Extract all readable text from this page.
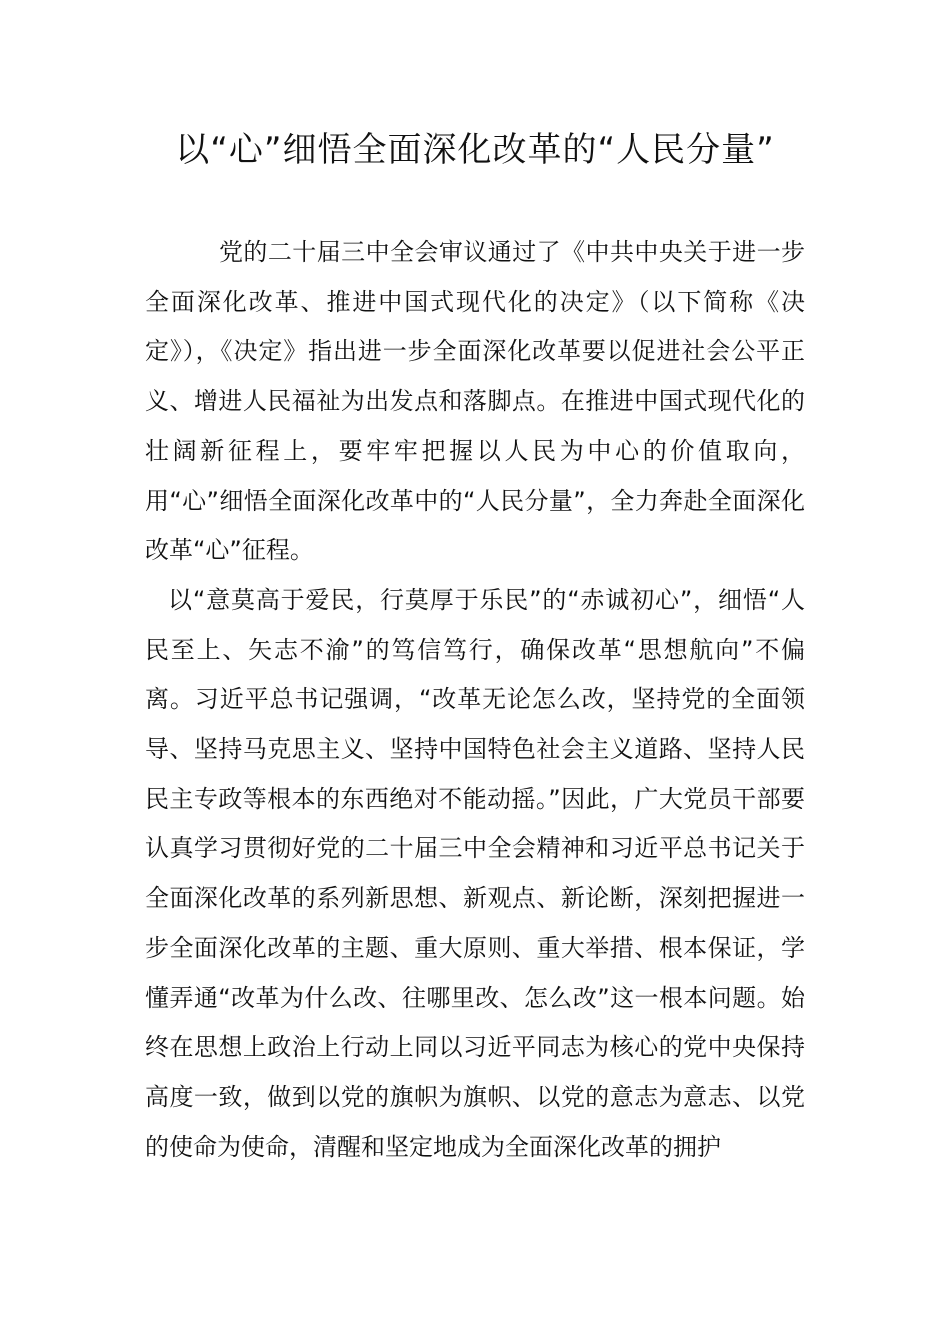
以“心”细悟全面深化改革的“人民分量”

党的二十届三中全会审议通过了《中共中央关于进一步全面深化改革、推进中国式现代化的决定》（以下简称《决定》），《决定》指出进一步全面深化改革要以促进社会公平正义、增进人民福祉为出发点和落脚点。在推进中国式现代化的壮阔新征程上，要牢牢把握以人民为中心的价值取向，用“心”细悟全面深化改革中的“人民分量”，全力奔赴全面深化改革“心”征程。

以“意莫高于爱民，行莫厚于乐民”的“赤诚初心”，细悟“人民至上、矢志不渝”的笃信笃行，确保改革“思想航向”不偏离。习近平总书记强调，“改革无论怎么改，坚持党的全面领导、坚持马克思主义、坚持中国特色社会主义道路、坚持人民民主专政等根本的东西绝对不能动摇。”因此，广大党员干部要认真学习贯彻好党的二十届三中全会精神和习近平总书记关于全面深化改革的系列新思想、新观点、新论断，深刻把握进一步全面深化改革的主题、重大原则、重大举措、根本保证，学懂弄通“改革为什么改、往哪里改、怎么改”这一根本问题。始终在思想上政治上行动上同以习近平同志为核心的党中央保持高度一致，做到以党的旗帜为旗帜、以党的意志为意志、以党的使命为使命，清醒和坚定地成为全面深化改革的拥护
